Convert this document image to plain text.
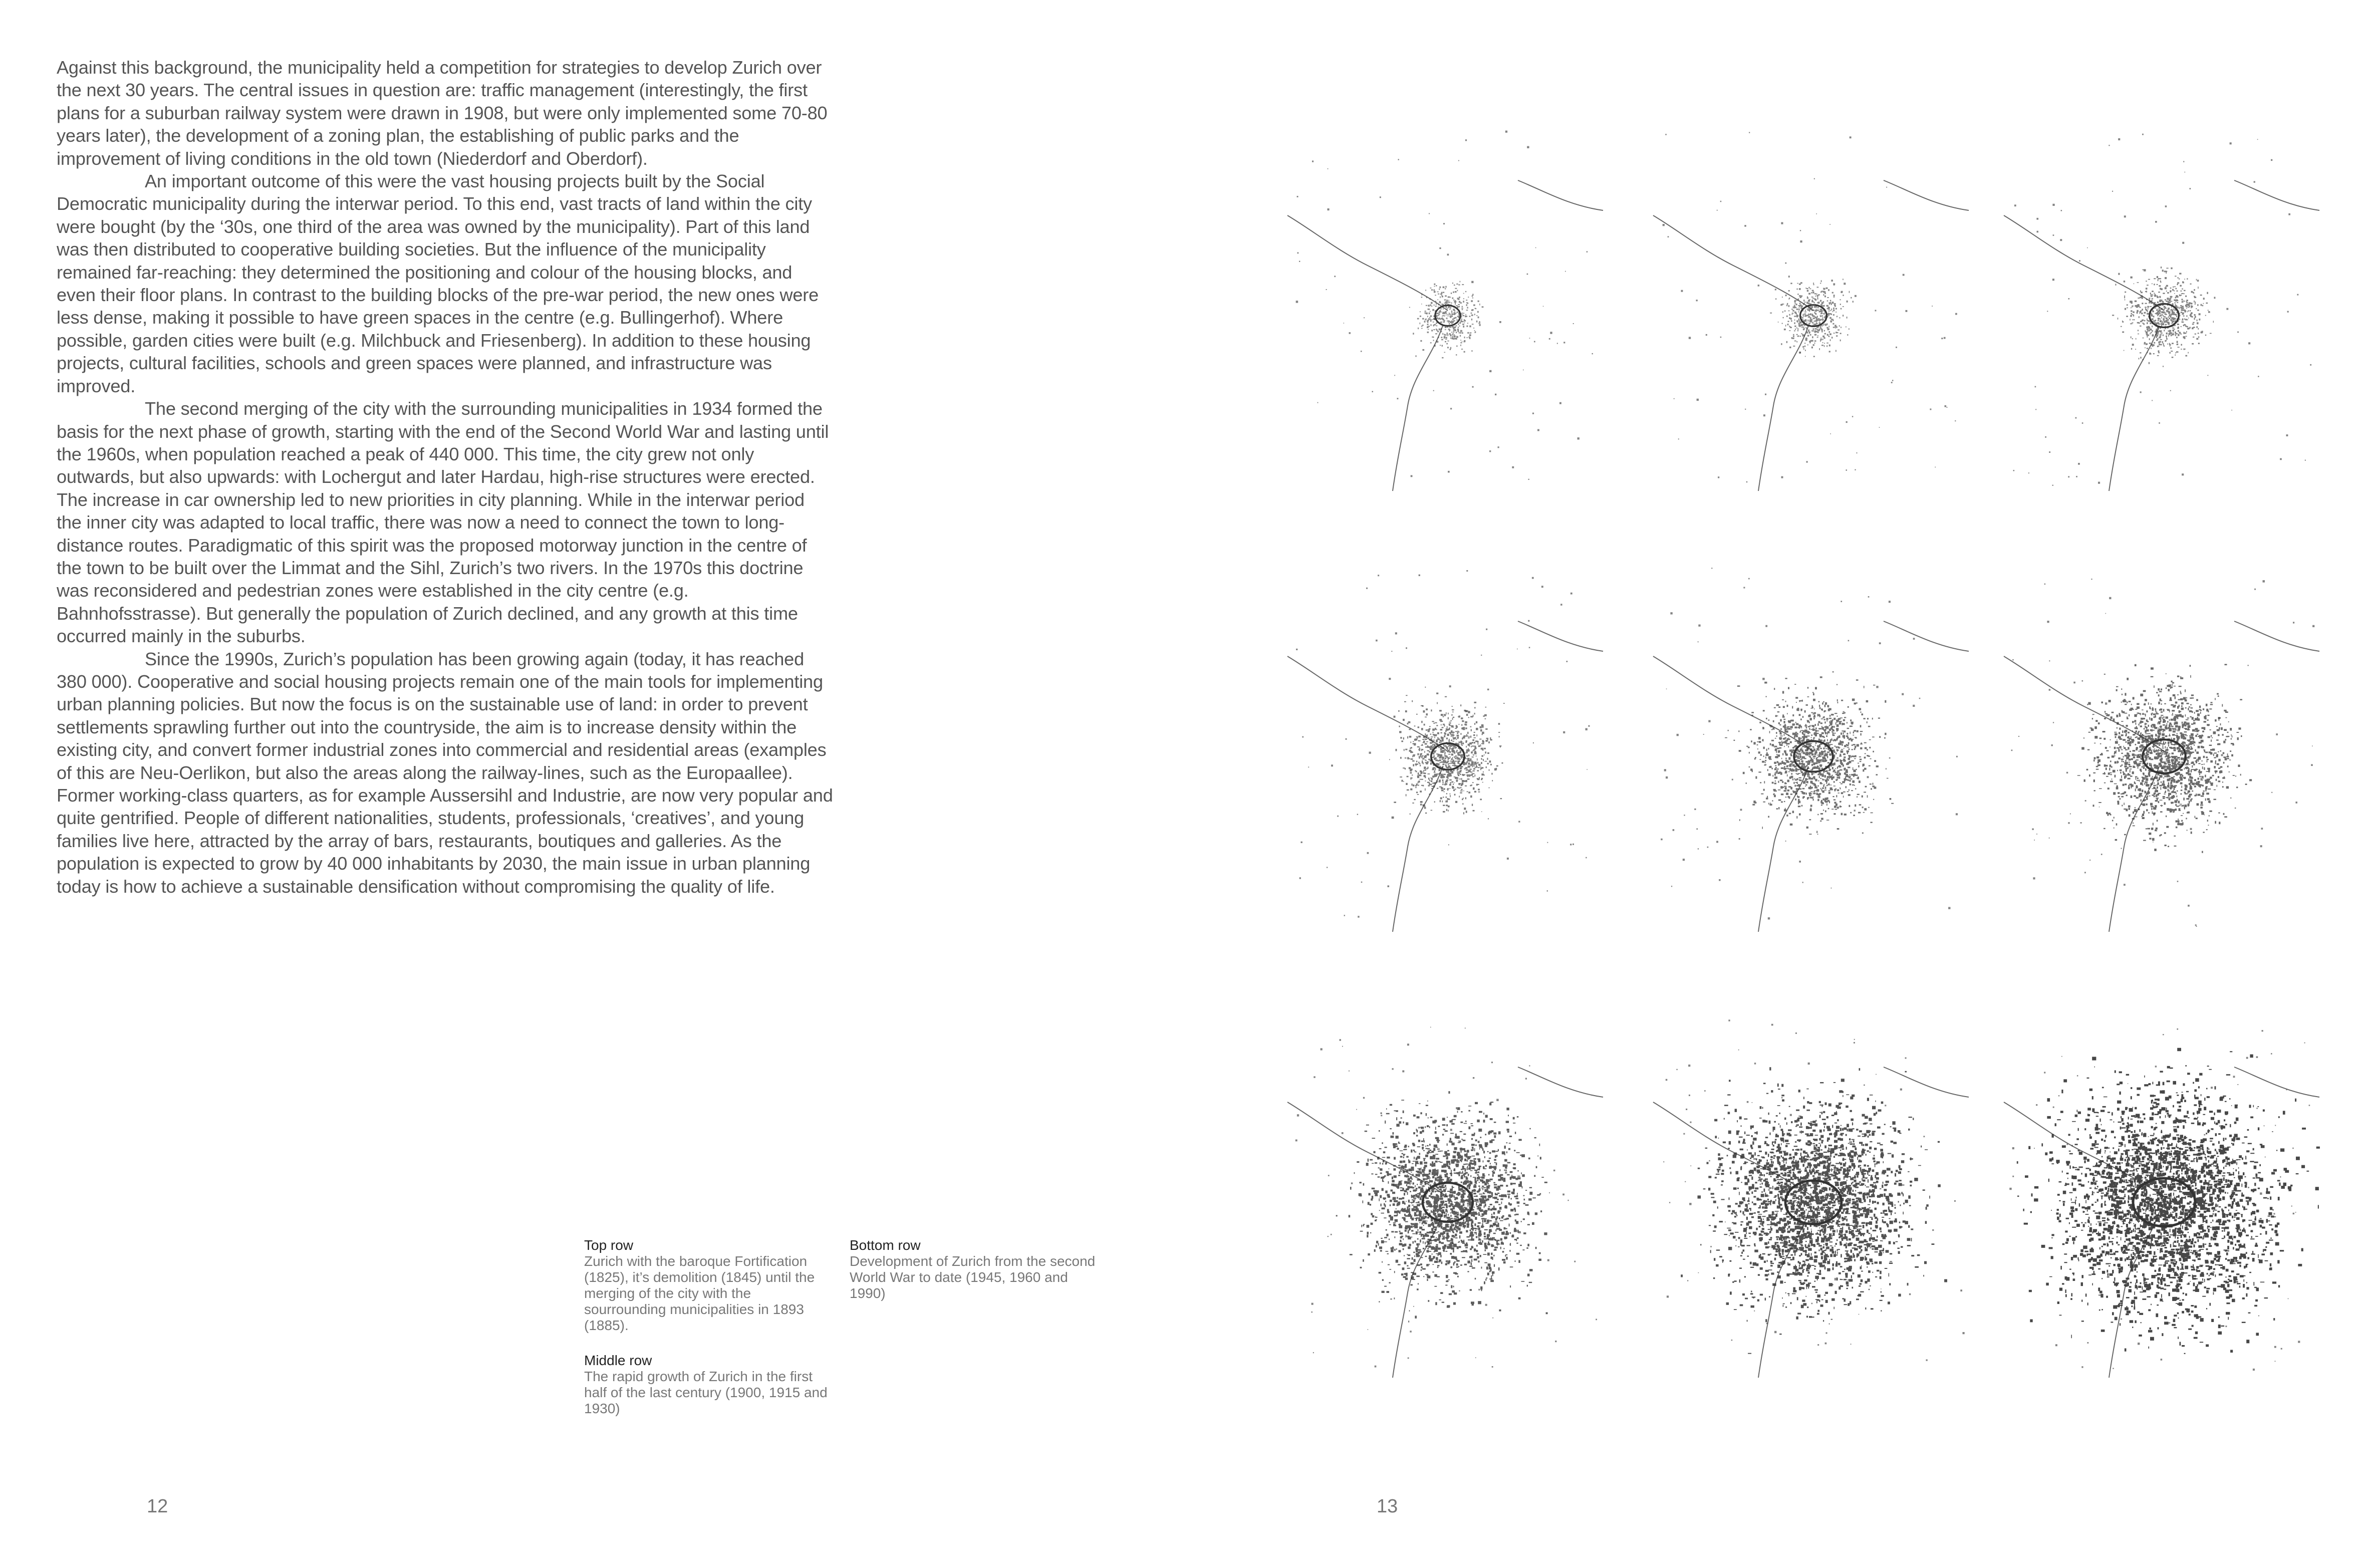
Against this background, the municipality held a competition for strategies to develop Zurich over the next 30 years. The central issues in question are: traffic management (interestingly, the first plans for a suburban railway system were drawn in 1908, but were only implemented some 70-80 years later), the development of a zoning plan, the establishing of public parks and the improvement of living conditions in the old town (Niederdorf and Oberdorf).

An important outcome of this were the vast housing projects built by the Social Democratic municipality during the interwar period. To this end, vast tracts of land within the city were bought (by the ‘30s, one third of the area was owned by the municipality). Part of this land was then distributed to cooperative building societies. But the influence of the municipality remained far-reaching: they determined the positioning and colour of the housing blocks, and even their floor plans. In contrast to the building blocks of the pre-war period, the new ones were less dense, making it possible to have green spaces in the centre (e.g. Bullingerhof). Where possible, garden cities were built (e.g. Milchbuck and Friesenberg). In addition to these housing projects, cultural facilities, schools and green spaces were planned, and infrastructure was improved.

The second merging of the city with the surrounding municipalities in 1934 formed the basis for the next phase of growth, starting with the end of the Second World War and lasting until the 1960s, when population reached a peak of 440 000. This time, the city grew not only outwards, but also upwards: with Lochergut and later Hardau, high-rise structures were erected. The increase in car ownership led to new priorities in city planning. While in the interwar period the inner city was adapted to local traffic, there was now a need to connect the town to long-distance routes. Paradigmatic of this spirit was the proposed motorway junction in the centre of the town to be built over the Limmat and the Sihl, Zurich’s two rivers. In the 1970s this doctrine was reconsidered and pedestrian zones were established in the city centre (e.g. Bahnhofsstrasse). But generally the population of Zurich declined, and any growth at this time occurred mainly in the suburbs.

Since the 1990s, Zurich’s population has been growing again (today, it has reached 380 000). Cooperative and social housing projects remain one of the main tools for implementing urban planning policies. But now the focus is on the sustainable use of land: in order to prevent settlements sprawling further out into the countryside, the aim is to increase density within the existing city, and convert former industrial zones into commercial and residential areas (examples of this are Neu-Oerlikon, but also the areas along the railway-lines, such as the Europaallee). Former working-class quarters, as for example Aussersihl and Industrie, are now very popular and quite gentrified. People of different nationalities, students, professionals, ‘creatives’, and young families live here, attracted by the array of bars, restaurants, boutiques and galleries. As the population is expected to grow by 40 000 inhabitants by 2030, the main issue in urban planning today is how to achieve a sustainable densification without compromising the quality of life.

Top row
Zurich with the baroque Fortification (1825), it’s demolition (1845) until the merging of the city with the sourrounding municipalities in 1893 (1885).
Middle row
The rapid growth of Zurich in the first half of the last century (1900, 1915 and 1930)
Bottom row
Development of Zurich from the second World War to date (1945, 1960 and 1990)
12	13
